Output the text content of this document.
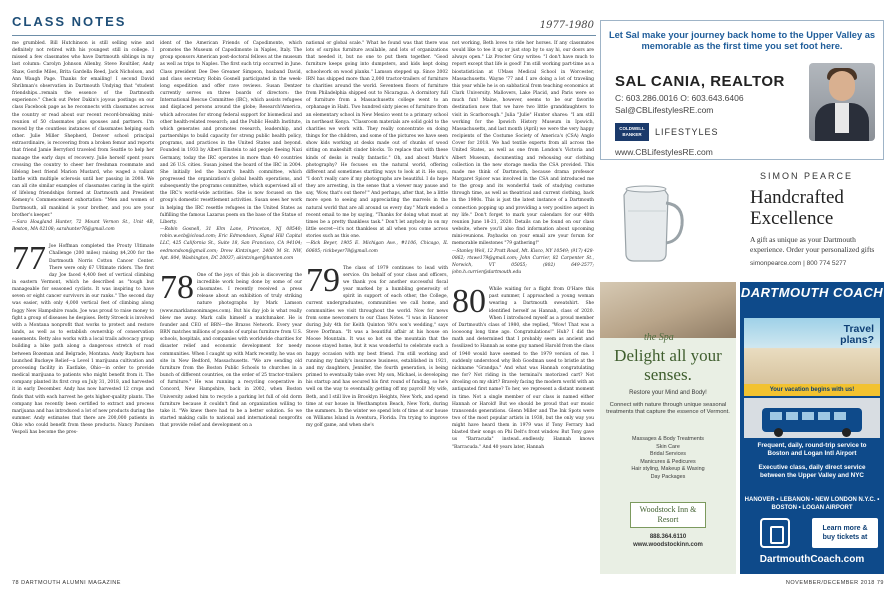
CLASS NOTES	1977-1980

me grumbled. Bill Hutchinson is still selling wine and definitely not retired with his youngest still in college. I missed a few classmates who have Dartmouth siblings in my last column: Carolyn Johnson Allenby, Steve Roultiler, Andy Shaw, Gordie Miles, Brita Gardella Reed, Jack Nicholson, and Ann Waugh Page. Thanks for emailing! I second David Shribman's observation in Dartmouth Undying that "student friendships...remain the essence of the Dartmouth experience." Check out Peter Dakin's joyous postings on our class Facebook page as he reconnects with classmates across the country or read about our recent record-breaking mini-reunion of 50 classmates plus spouses and partners. I'm moved by the countless instances of classmates helping each other. Julie Miller Shepherd, Denver school principal extraordinaire, is recovering from a broken femur and reports that friend Jamie Berryford traveled from Seattle to help her manage the early days of recovery. Julie herself spent years crossing the country to cheer her freshman roommate and lifelong best friend Marion Mustard, who waged a valiant battle with multiple sclerosis until her passing in 2008. We can all cite similar examples of classmates caring in the spirit of lifelong friendships formed at Dartmouth and President Kemeny's Commencement exhortation: "Men and women of Dartmouth, all mankind is your brother, and you are your brother's keeper."

—Sara Hoagland Hunter, 72 Mount Vernon St., Unit 4B, Boston, MA 02108; sarahunter76@gmail.com

77 Joe Hoffman completed the Prouty Ultimate Challenge (200 miles) raising $4,200 for the Dartmouth Norris Cotton Cancer Center. There were only 67 Ultimate riders. The first day Joe faced 4,400 feet of vertical climbing in eastern Vermont, which he described as "tough but manageable for seasoned cyclists. It was inspiring to have seven or eight cancer survivors in our ranks." The second day was easier, with only 4,000 vertical feet of climbing along foggy New Hampshire roads. Joe was proud to raise money to fight a group of diseases he despises. Betty Stroeck is involved with a Montana nonprofit that works to protect and restore lands, as well as to establish ownership of conservation easements. Betty also works with a local trails advocacy group building a bike path along a dangerous stretch of road between Bozeman and Belgrade, Montana. Andy Rayburn has launched Buckeye Relief—a Level 1 marijuana cultivation and processing facility in Eastlake, Ohio—in order to provide medical marijuana to patients who might benefit from it. The company planted its first crop on July 31, 2018, and harvested it in early December. Andy has now harvested 12 crops and finds that with each harvest he gets higher-quality plants. The company has recently been certified to extract and process marijuana and has introduced a lot of new products during the summer. Andy estimates that there are 200,000 patients in Ohio who could benefit from these products. Nancy Parsinen Vespoli has become the pres-

ident of the American Friends of Capodimonte, which promotes the Museum of Capodimonte in Naples, Italy. The group sponsors American post-doctoral fellows at the museum as well as trips to Naples. The first such trip occurred in June. Class president Dee Dee Greaner Simpson, husband David, and class secretary Robin Gosnell participated in the week-long expedition and offer rave reviews. Susan Dentzer currently serves on three boards of directors: the International Rescue Committee (IRC), which assists refugees and displaced persons around the globe; Research!America, which advocates for strong federal support for biomedical and other health-related research; and the Public Health Institute, which generates and promotes research, leadership, and partnerships to build capacity for strong public health policy, programs, and practices in the United States and beyond. Founded in 1933 by Albert Einstein to aid people fleeing Nazi Germany, today the IRC operates in more than 40 countries and 26 U.S. cities. Susan joined the board of the IRC in 2004. She initially led the board's health committee, which progressed the organization's global health operations, and subsequently the programs committee, which supervised all of the IRC's world-wide activities. She is now focused on the group's domestic resettlement activities. Susan sees her work in helping the IRC resettle refugees in the United States as fulfilling the famous Lazarus poem on the base of the Statue of Liberty.

—Robin Gosnell, 31 Elm Lane, Princeton, NJ 08540; robin.w.ecb@icloud.com; Eric Edmondson, Signal Hill Capital LLC, 425 California St., Suite 18, San Francisco, CA 94104; eedmondson@gmail.com; Drew Kintzinger, 2400 M St. NW, Apt. 804, Washington, DC 20037; akintzinger@hunton.com

78 One of the joys of this job is discovering the incredible work being done by some of our classmates. I recently received a press release about an exhibition of truly striking nature photographs by Mark Lamson (www.marklamsonimages.com). But his day job is what really blew me away. Mark calls himself a matchmaker. He is founder and CEO of BRN—the Brazos Network. Every year BRN matches millions of pounds of surplus furniture from U.S. schools, hospitals, and companies with worldwide charities for disaster relief and economic development for needy communities. When I caught up with Mark recently, he was on site in New Bedford, Massachusetts. "We are sending old furniture from the Boston Public Schools to churches in a bunch of different countries, on the order of 25 tractor-trailers of furniture." He was running a recycling cooperative in Concord, New Hampshire, back in 2002, when Boston University asked him to recycle a parking lot full of old dorm furniture because it couldn't find an organization willing to take it. "We knew there had to be a better solution. So we started making calls to national and international nonprofits that provide relief and development on a

national or global scale." What he found was that there was lots of surplus furniture available, and lots of organizations that needed it, but no one to put them together. "Good furniture keeps going into dumpsters, and kids kept doing schoolwork on wood planks." Lamson stepped up. Since 2002 IRN has shipped more than 2,000 tractor-trailers of furniture to charities around the world. Seventeen floors of furniture from Philadelphia shipped out to Nicaragua. A dormitory full of furniture from a Massachusetts college went to an orphanage in Haiti. Two hundred sixty pieces of furniture from an elementary school in New Mexico went to a primary school in northeast Kenya. "Classroom materials are solid gold to the charities we work with. They really concentrate on doing things for the children, and some of the pictures we have seen show kids working at desks made out of chunks of wood sitting on makeshift cinder blocks. To replace that with these kinds of desks is really fantastic." Oh, and about Mark's photography? He focuses on the natural world, offering different and sometimes startling ways to look at it. He says, "I don't really care if my photographs are beautiful. I do hope they are arresting, in the sense that a viewer may pause and say, 'Wow, that's out there!'" And perhaps, after that, be a little more open to seeing and appreciating the marvels in the natural world that are all around us every day." Mark ended a recent email to me by saying, "Thanks for doing what must at times be a pretty thankless task." Don't let anybody in on my little secret—it's not thankless at all when you come across stories such as this one.

—Rick Beyer, 1905 E. Michigan Ave., #1106, Chicago, IL 60605; rickbeyer78@gmail.com

79 The class of 1979 continues to lead with service. On behalf of your class and officers, we thank you for another successful fiscal year marked by a humbling generosity of spirit in support of each other, the College, current undergraduates, communities we call home, and communities we visit throughout the world. Now for news from some newcomers to our Class Notes. "I was in Hanover during July 4th for Keith Quinton '80's son's wedding," says Steve Dorfman. "It was a beautiful affair at his house on Moose Mountain. It was so hot on the mountain that the moose stayed home, but it was wonderful to celebrate such a happy occasion with my best friend. I'm still working and running my family's insurance business, established in 1921, and my daughters, Jennifer, the fourth generation, is being primed to eventually take over. My son, Michael, is developing his startup and has secured his first round of funding, so he's well on the way to eventually getting off my payroll! My wife, Beth, and I still live in Brooklyn Heights, New York, and spend time at our house in Westhampton Beach, New York, during the summers. In the winter we spend lots of time at our house on Williams Island in Aventura, Florida. I'm trying to improve my golf game, and when she's

not working, Beth loves to ride her horses. If any classmates would like to tee it up or just stop by to say hi, our doors are always open." Liz Procter Gray writes: "I don't have much to report except that life is good! I'm still working part-time as a biostatistician at UMass Medical School in Worcester, Massachusetts. Wayne '77 and I are doing a lot of traveling this year while he is on sabbatical from teaching economics at Clark University. Mallovers, Lake Placid, and Paris were so much fun! Maine, however, seems to be our favorite destination now that we have two little granddaughters to visit in Scarborough." Julia "Julie" Hunter shares: "I am still working for the Ipswich History Museum in Ipswich, Massachusetts, and last month (April) we were the very happy recipients of the Costume Society of America's (CSA) Anglo Cover for 2018. We had textile experts from all across the United States, as well as one from London's Victoria and Albert Museum, documenting and rehousing our clothing collection in the new storage media the CSA provided. This made me think of Dartmouth, because drama professor Margaret Spicer was involved in the CSA and introduced me to the group and its wonderful task of studying costume through time, as well as theatrical and current clothing, back in the 1980s. This is just the latest instance of a Dartmouth connection popping up and providing a very positive aspect in my life." Don't forget to mark your calendars for our 40th reunion June 18-21, 2020. Details can be found on our class website, where you'll also find information about upcoming mini-reunions. Paybacks on your email are your forum for memorable milestones "79 gathering!"

—Stanley Weil, 12 Pratt Road, Mt. Kisco, NY 10549; (917) 428-0862; rtswe179@gmail.com; John Currier, 82 Carpenter St., Norwich, VT 05055; (802) 649-2577; john.h.currier@dartmouth.edu

80 While waiting for a flight from O'Hare this past summer, I approached a young woman wearing a Dartmouth sweatshirt. She identified herself as Hannah, class of 2020. When I introduced myself as a proud member of Dartmouth's class of 1980, she replied, "Wow! That was a looooong long time ago. Congratulations!" Huh? I did the math and determined that I probably seem as ancient and fossilized to Hannah as some guy named Harold from the class of 1940 would have seemed to the 1979 version of me. I suddenly understood why Bob Goodman used to bristle at the nickname "Grandpa." And what was Hannah congratulating me for? Not riding in the terminal's motorized cart? Not drooling on my shirt? Bravely facing the modern world with an antiquated first name? To her, we represent a distant moment in time. Not a single member of our class is named either Hannah or Harold! But we should be proud that our music transcends generations. Glenn Miller and The Ink Spots were two of the most popular artists in 1938, but the only way you might have heard them in 1979 was if Tony Ferrary had blasted their songs on Phi Delt's front window. But Tony gave us "Barracuda" instead...endlessly. Hannah knows "Barracuda." And 40 years later, Hannah

78 DARTMOUTH ALUMNI MAGAZINE	NOVEMBER/DECEMBER 2018 79
Let Sal make your journey back home to the Upper Valley as memorable as the first time you set foot here.
SAL CANIA, REALTOR
C: 603.286.0016 O: 603.643.6406
Sal@CBLifestylesRE.com
COLDWELL BANKER	LIFESTYLES
www.CBLifestylesRE.com
SIMON PEARCE
Handcrafted Excellence
A gift as unique as your Dartmouth experience. Order your personalized gifts
simonpearce.com | 800 774 5277
the Spa
Delight all your senses.
Restore your Mind and Body!
Connect with nature through unique seasonal treatments that capture the essence of Vermont.
Massages & Body Treatments
Skin Care
Bridal Services
Manicures & Pedicures
Hair styling, Makeup & Waxing
Day Packages
Woodstock Inn & Resort
888.364.6110
www.woodstockinn.com
DARTMOUTH COACH
Travel plans?
Your vacation begins with us!
Frequent, daily, round-trip service to Boston and Logan Intl Airport
Executive class, daily direct service between the Upper Valley and NYC
HANOVER • LEBANON • NEW LONDON N.Y.C. • BOSTON • LOGAN AIRPORT
Learn more & buy tickets at
DartmouthCoach.com
